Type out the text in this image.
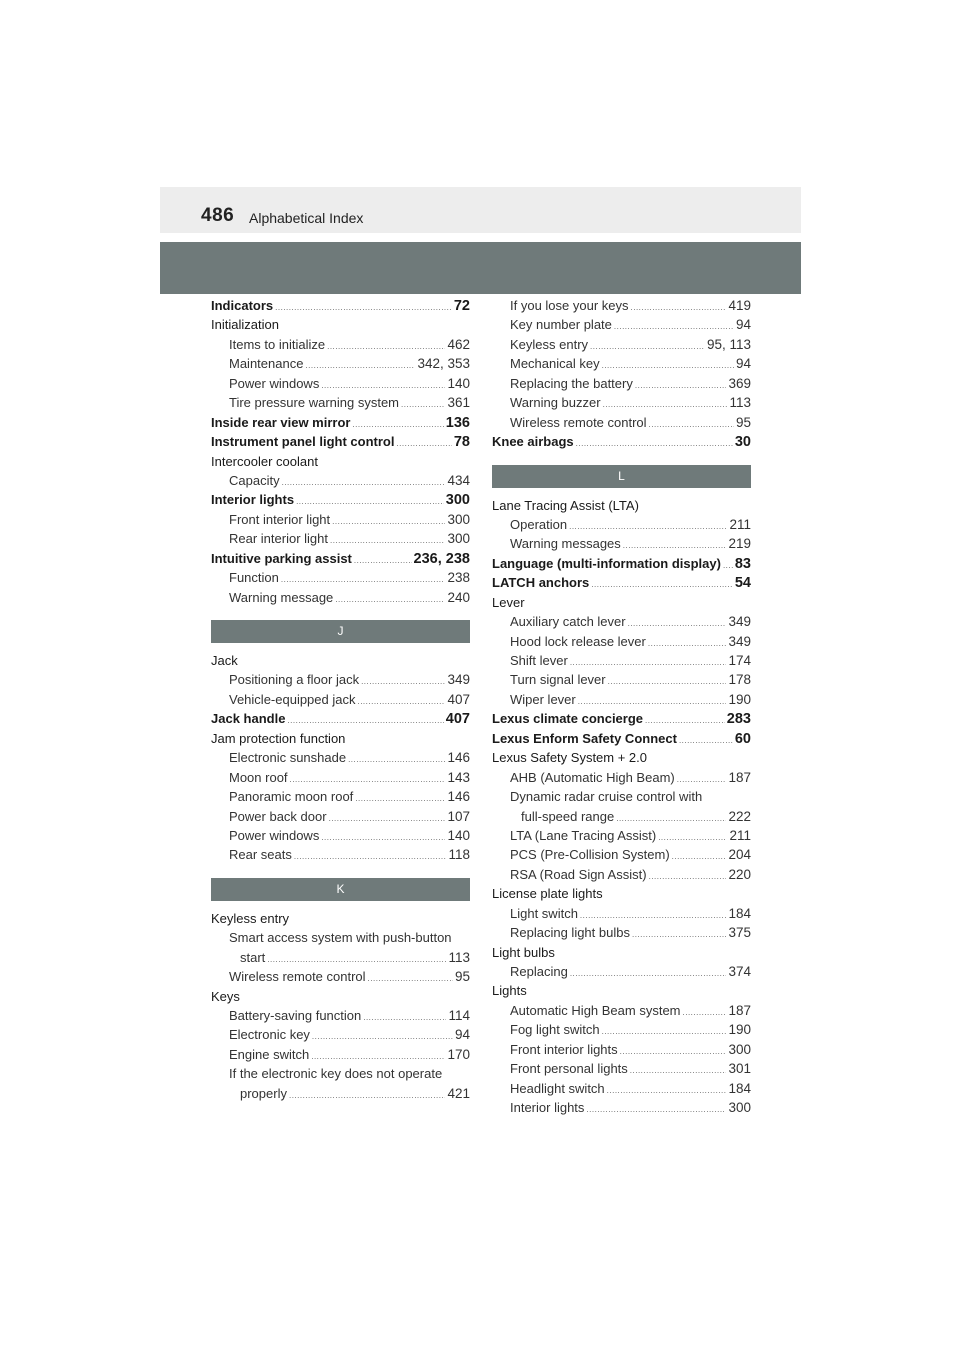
486 Alphabetical Index
Indicators .....	72
Initialization
Items to initialize .....	462
Maintenance .....	342, 353
Power windows .....	140
Tire pressure warning system .....	361
Inside rear view mirror .....	136
Instrument panel light control .....	78
Intercooler coolant
Capacity .....	434
Interior lights .....	300
Front interior light .....	300
Rear interior light .....	300
Intuitive parking assist .....	236, 238
Function .....	238
Warning message .....	240
J
Jack
Positioning a floor jack .....	349
Vehicle-equipped jack .....	407
Jack handle .....	407
Jam protection function
Electronic sunshade .....	146
Moon roof .....	143
Panoramic moon roof .....	146
Power back door .....	107
Power windows .....	140
Rear seats .....	118
K
Keyless entry
Smart access system with push-button
start .....	113
Wireless remote control .....	95
Keys
Battery-saving function .....	114
Electronic key .....	94
Engine switch .....	170
If the electronic key does not operate
properly .....	421
If you lose your keys .....	419
Key number plate .....	94
Keyless entry .....	95, 113
Mechanical key .....	94
Replacing the battery .....	369
Warning buzzer .....	113
Wireless remote control .....	95
Knee airbags .....	30
L
Lane Tracing Assist (LTA)
Operation .....	211
Warning messages .....	219
Language (multi-information display) ..... 83
LATCH anchors .....	54
Lever
Auxiliary catch lever .....	349
Hood lock release lever .....	349
Shift lever .....	174
Turn signal lever .....	178
Wiper lever .....	190
Lexus climate concierge .....	283
Lexus Enform Safety Connect .....	60
Lexus Safety System + 2.0
AHB (Automatic High Beam) .....	187
Dynamic radar cruise control with
full-speed range .....	222
LTA (Lane Tracing Assist) .....	211
PCS (Pre-Collision System) .....	204
RSA (Road Sign Assist) .....	220
License plate lights
Light switch .....	184
Replacing light bulbs .....	375
Light bulbs
Replacing .....	374
Lights
Automatic High Beam system .....	187
Fog light switch .....	190
Front interior lights .....	300
Front personal lights .....	301
Headlight switch .....	184
Interior lights .....	300
